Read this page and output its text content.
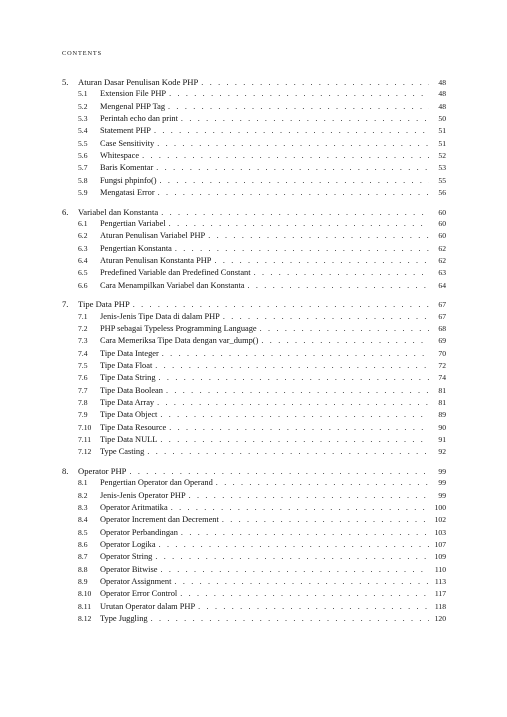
CONTENTS
5.	Aturan Dasar Penulisan Kode PHP . . .	48
5.1	Extension File PHP . . .	48
5.2	Mengenal PHP Tag . . .	48
5.3	Perintah echo dan print . . .	50
5.4	Statement PHP . . .	51
5.5	Case Sensitivity . . .	51
5.6	Whitespace . . .	52
5.7	Baris Komentar . . .	53
5.8	Fungsi phpinfo() . . .	55
5.9	Mengatasi Error . . .	56
6.	Variabel dan Konstanta . . .	60
6.1	Pengertian Variabel . . .	60
6.2	Aturan Penulisan Variabel PHP . . .	60
6.3	Pengertian Konstanta . . .	62
6.4	Aturan Penulisan Konstanta PHP . . .	62
6.5	Predefined Variable dan Predefined Constant . . .	63
6.6	Cara Menampilkan Variabel dan Konstanta . . .	64
7.	Tipe Data PHP . . .	67
7.1	Jenis-Jenis Tipe Data di dalam PHP . . .	67
7.2	PHP sebagai Typeless Programming Language . . .	68
7.3	Cara Memeriksa Tipe Data dengan var_dump() . . .	69
7.4	Tipe Data Integer . . .	70
7.5	Tipe Data Float . . .	72
7.6	Tipe Data String . . .	74
7.7	Tipe Data Boolean . . .	81
7.8	Tipe Data Array . . .	81
7.9	Tipe Data Object . . .	89
7.10	Tipe Data Resource . . .	90
7.11	Tipe Data NULL . . .	91
7.12	Type Casting . . .	92
8.	Operator PHP . . .	99
8.1	Pengertian Operator dan Operand . . .	99
8.2	Jenis-Jenis Operator PHP . . .	99
8.3	Operator Aritmatika . . .	100
8.4	Operator Increment dan Decrement . . .	102
8.5	Operator Perbandingan . . .	103
8.6	Operator Logika . . .	107
8.7	Operator String . . .	109
8.8	Operator Bitwise . . .	110
8.9	Operator Assignment . . .	113
8.10	Operator Error Control . . .	117
8.11	Urutan Operator dalam PHP . . .	118
8.12	Type Juggling . . .	120
